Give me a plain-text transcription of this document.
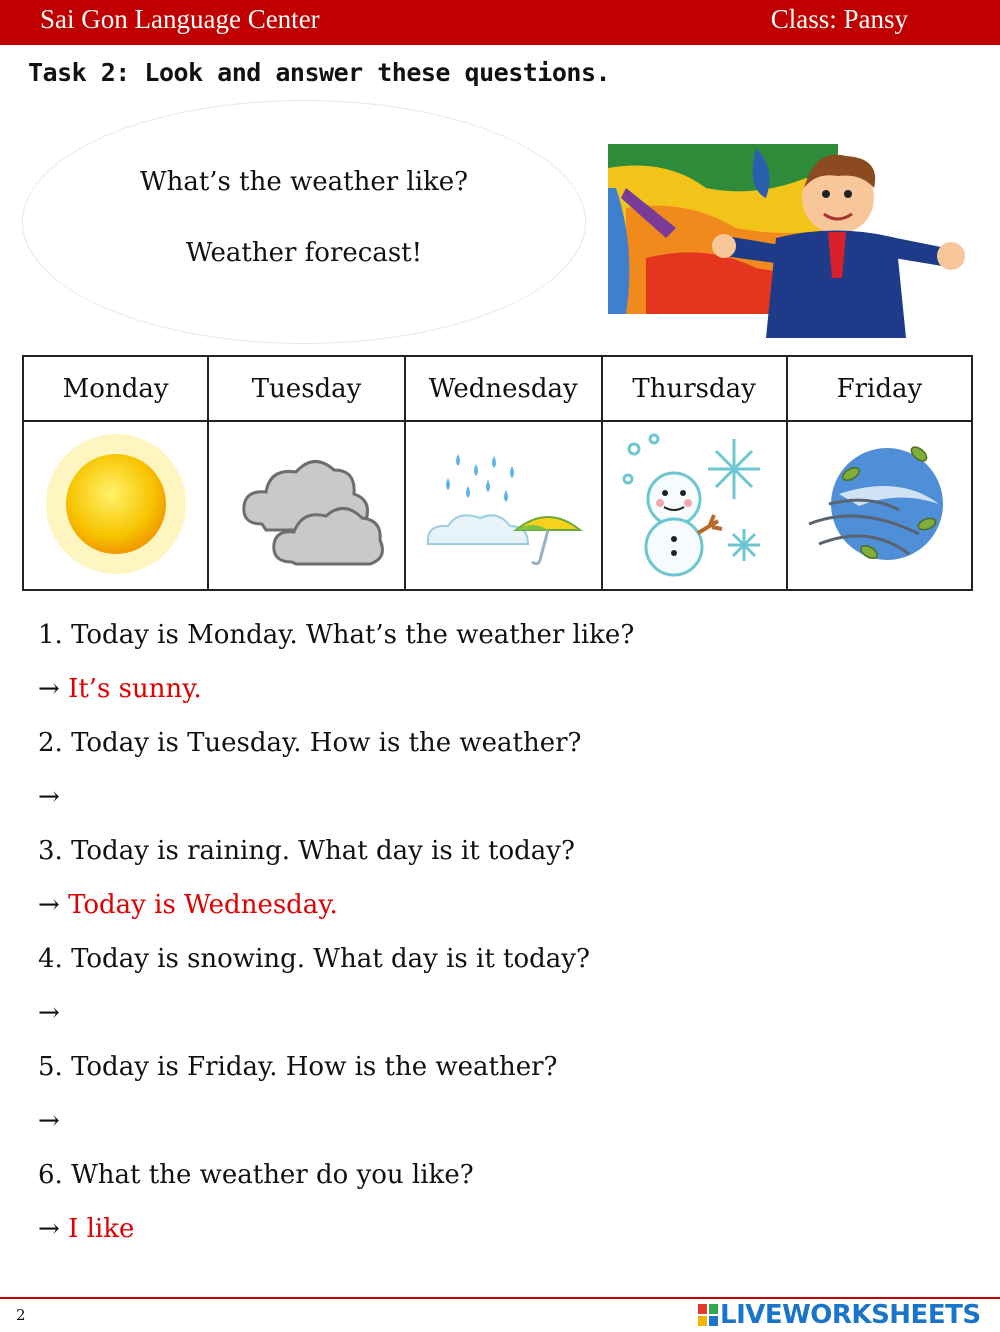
Sai Gon Language Center	Class: Pansy
Task 2: Look and answer these questions.
What’s the weather like?
Weather forecast!
Monday	Tuesday	Wednesday	Thursday	Friday

1. Today is Monday. What’s the weather like?
→ It’s sunny.
2. Today is Tuesday. How is the weather?
→
3. Today is raining. What day is it today?
→ Today is Wednesday.
4. Today is snowing. What day is it today?
→
5. Today is Friday. How is the weather?
→
6. What the weather do you like?
→ I like
2	LIVEWORKSHEETS
